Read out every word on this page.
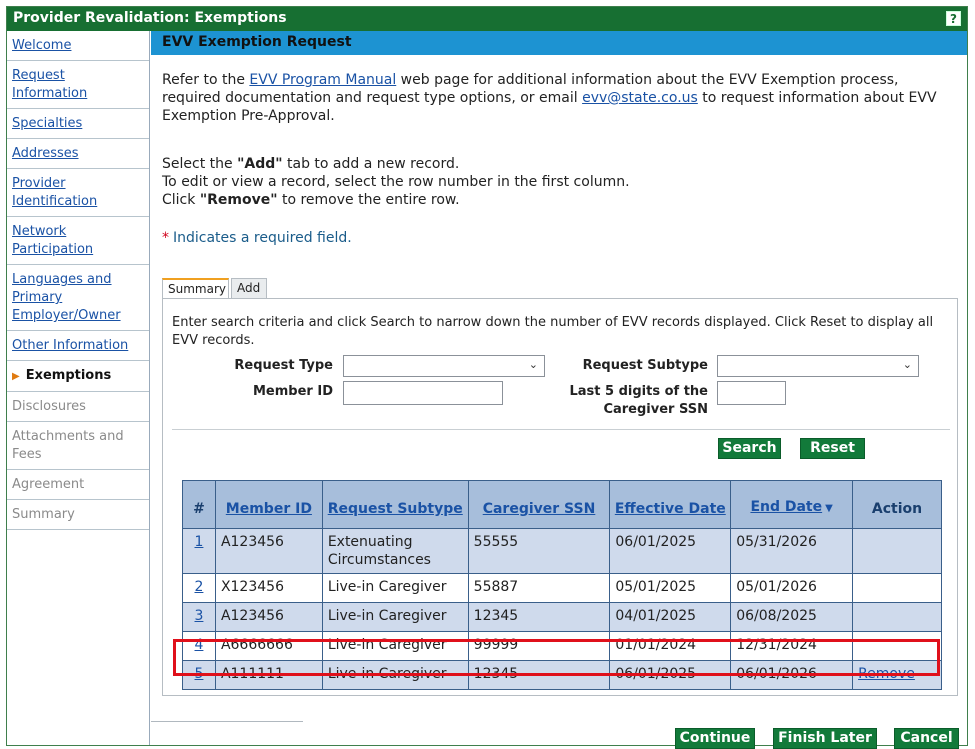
Provider Revalidation: Exemptions	?
Welcome
Request Information
Specialties
Addresses
Provider Identification
Network Participation
Languages and Primary Employer/Owner
Other Information
▶ Exemptions
Disclosures
Attachments and Fees
Agreement
Summary
EVV Exemption Request
Refer to the EVV Program Manual web page for additional information about the EVV Exemption process, required documentation and request type options, or email evv@state.co.us to request information about EVV Exemption Pre-Approval.
Select the "Add" tab to add a new record.
To edit or view a record, select the row number in the first column.
Click "Remove" to remove the entire row.
* Indicates a required field.
Summary Add
Enter search criteria and click Search to narrow down the number of EVV records displayed. Click Reset to display all EVV records.
Request Type	⌄	Request Subtype	⌄
Member ID	Last 5 digits of the
Caregiver SSN
Search	Reset
#	Member ID	Request Subtype	Caregiver SSN	Effective Date	End Date ▼	Action
1	A123456	Extenuating Circumstances	55555	06/01/2025	05/31/2026	
2	X123456	Live-in Caregiver	55887	05/01/2025	05/01/2026	
3	A123456	Live-in Caregiver	12345	04/01/2025	06/08/2025	
4	A6666666	Live-in Caregiver	99999	01/01/2024	12/31/2024	
5	A111111	Live-in Caregiver	12345	06/01/2025	06/01/2026	Remove
Continue	Finish Later	Cancel
